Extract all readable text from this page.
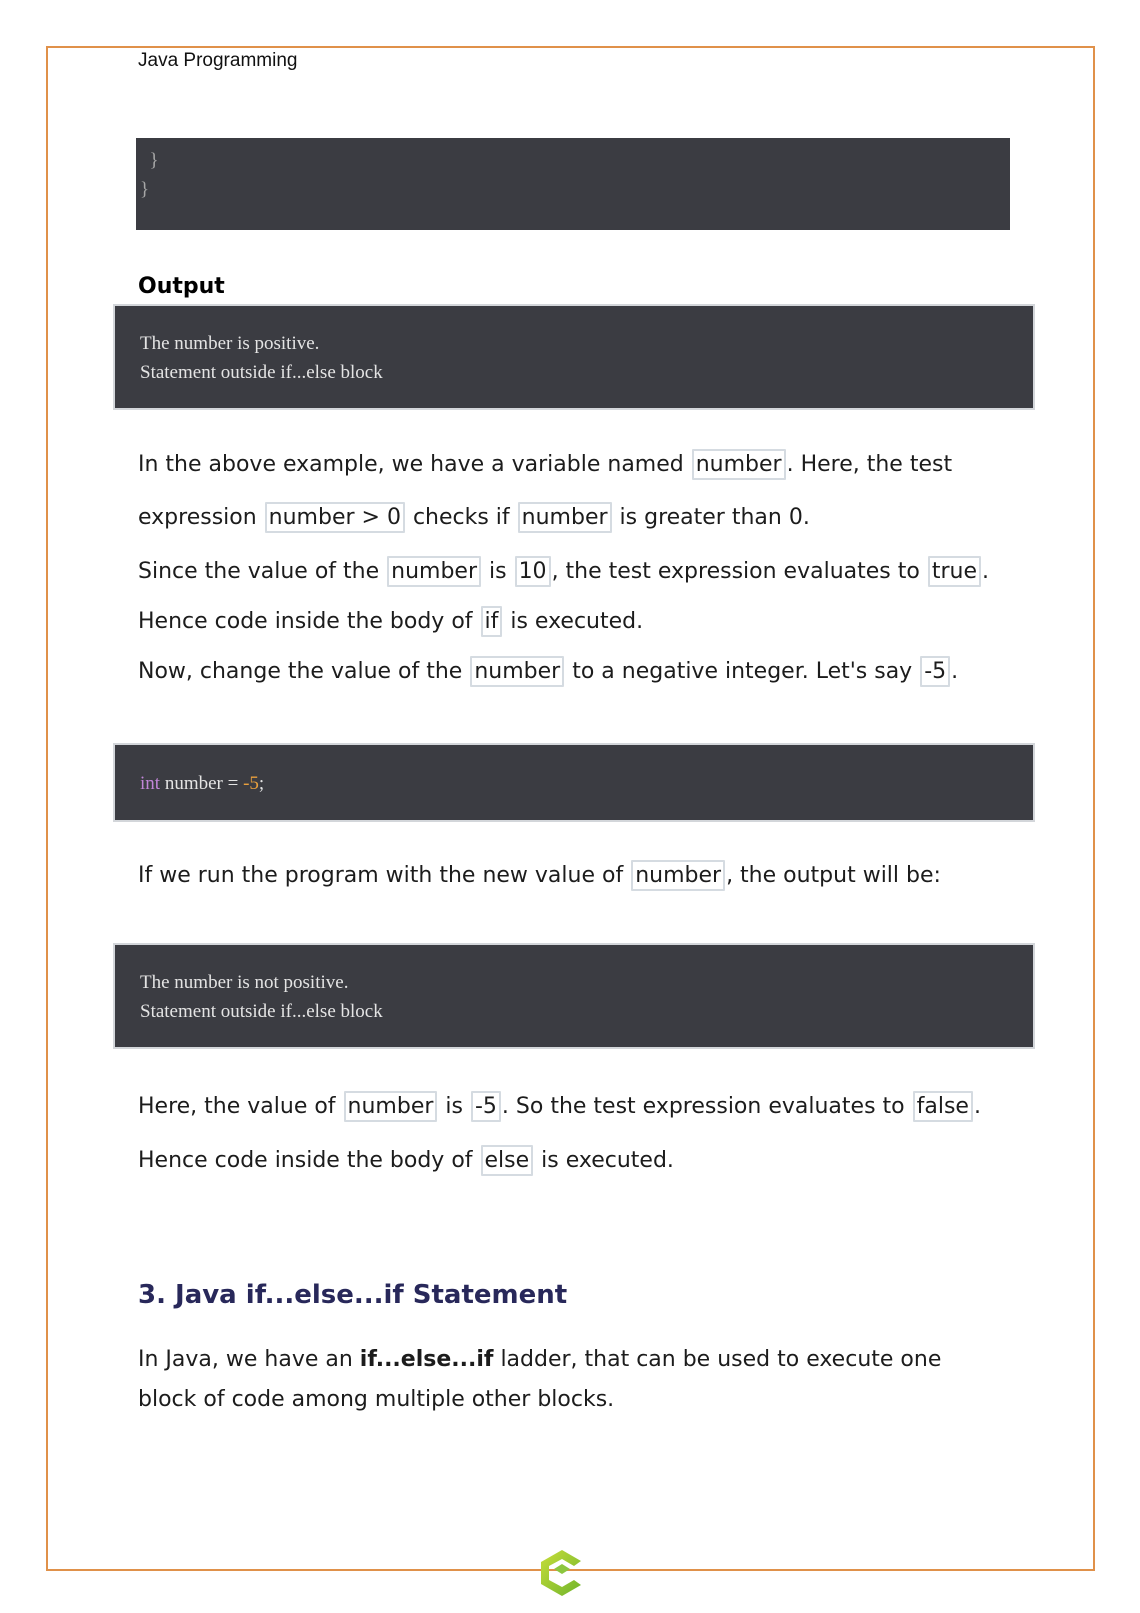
Java Programming
}
}
Output
The number is positive.
Statement outside if...else block
In the above example, we have a variable named number . Here, the test
expression number > 0 checks if number is greater than 0.
Since the value of the number is 10 , the test expression evaluates to true .
Hence code inside the body of if is executed.
Now, change the value of the number to a negative integer. Let's say -5 .
int number = -5;
If we run the program with the new value of number , the output will be:
The number is not positive.
Statement outside if...else block
Here, the value of number is -5 . So the test expression evaluates to false .
Hence code inside the body of else is executed.
3. Java if...else...if Statement
In Java, we have an if...else...if ladder, that can be used to execute one
block of code among multiple other blocks.
